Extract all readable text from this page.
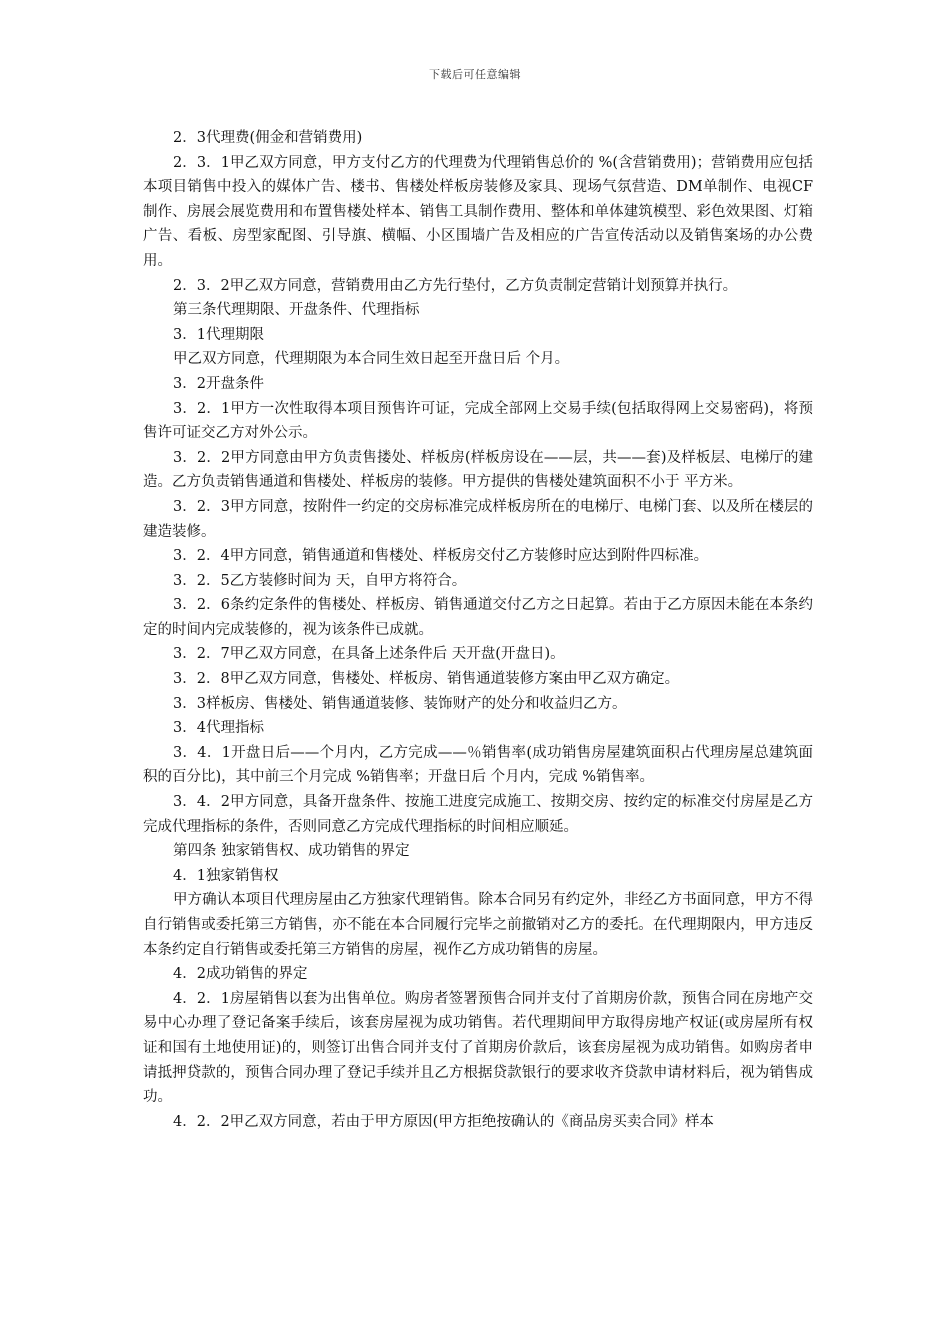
下载后可任意编辑

2．3代理费(佣金和营销费用)

2．3．1甲乙双方同意，甲方支付乙方的代理费为代理销售总价的 %(含营销费用)；营销费用应包括本项目销售中投入的媒体广告、楼书、售楼处样板房装修及家具、现场气氛营造、DM单制作、电视CF制作、房展会展览费用和布置售楼处样本、销售工具制作费用、整体和单体建筑模型、彩色效果图、灯箱广告、看板、房型家配图、引导旗、横幅、小区围墙广告及相应的广告宣传活动以及销售案场的办公费用。

2．3．2甲乙双方同意，营销费用由乙方先行垫付，乙方负责制定营销计划预算并执行。

第三条代理期限、开盘条件、代理指标

3．1代理期限

甲乙双方同意，代理期限为本合同生效日起至开盘日后 个月。

3．2开盘条件

3．2．1甲方一次性取得本项目预售许可证，完成全部网上交易手续(包括取得网上交易密码)，将预售许可证交乙方对外公示。

3．2．2甲方同意由甲方负责售搂处、样板房(样板房设在——层，共——套)及样板层、电梯厅的建造。乙方负责销售通道和售楼处、样板房的装修。甲方提供的售楼处建筑面积不小于 平方米。

3．2．3甲方同意，按附件一约定的交房标准完成样板房所在的电梯厅、电梯门套、以及所在楼层的建造装修。

3．2．4甲方同意，销售通道和售楼处、样板房交付乙方装修时应达到附件四标准。

3．2．5乙方装修时间为 天，自甲方将符合。

3．2．6条约定条件的售楼处、样板房、销售通道交付乙方之日起算。若由于乙方原因未能在本条约定的时间内完成装修的，视为该条件已成就。

3．2．7甲乙双方同意，在具备上述条件后 天开盘(开盘日)。

3．2．8甲乙双方同意，售楼处、样板房、销售通道装修方案由甲乙双方确定。

3．3样板房、售楼处、销售通道装修、装饰财产的处分和收益归乙方。

3．4代理指标

3．4．1开盘日后——个月内，乙方完成——％销售率(成功销售房屋建筑面积占代理房屋总建筑面积的百分比)，其中前三个月完成 %销售率；开盘日后 个月内，完成 %销售率。

3．4．2甲方同意，具备开盘条件、按施工进度完成施工、按期交房、按约定的标准交付房屋是乙方完成代理指标的条件，否则同意乙方完成代理指标的时间相应顺延。

第四条 独家销售权、成功销售的界定

4．1独家销售权

甲方确认本项目代理房屋由乙方独家代理销售。除本合同另有约定外，非经乙方书面同意，甲方不得自行销售或委托第三方销售，亦不能在本合同履行完毕之前撤销对乙方的委托。在代理期限内，甲方违反本条约定自行销售或委托第三方销售的房屋，视作乙方成功销售的房屋。

4．2成功销售的界定

4．2．1房屋销售以套为出售单位。购房者签署预售合同并支付了首期房价款，预售合同在房地产交易中心办理了登记备案手续后，该套房屋视为成功销售。若代理期间甲方取得房地产权证(或房屋所有权证和国有土地使用证)的，则签订出售合同并支付了首期房价款后，该套房屋视为成功销售。如购房者申请抵押贷款的，预售合同办理了登记手续并且乙方根据贷款银行的要求收齐贷款申请材料后，视为销售成功。

4．2．2甲乙双方同意，若由于甲方原因(甲方拒绝按确认的《商品房买卖合同》样本
